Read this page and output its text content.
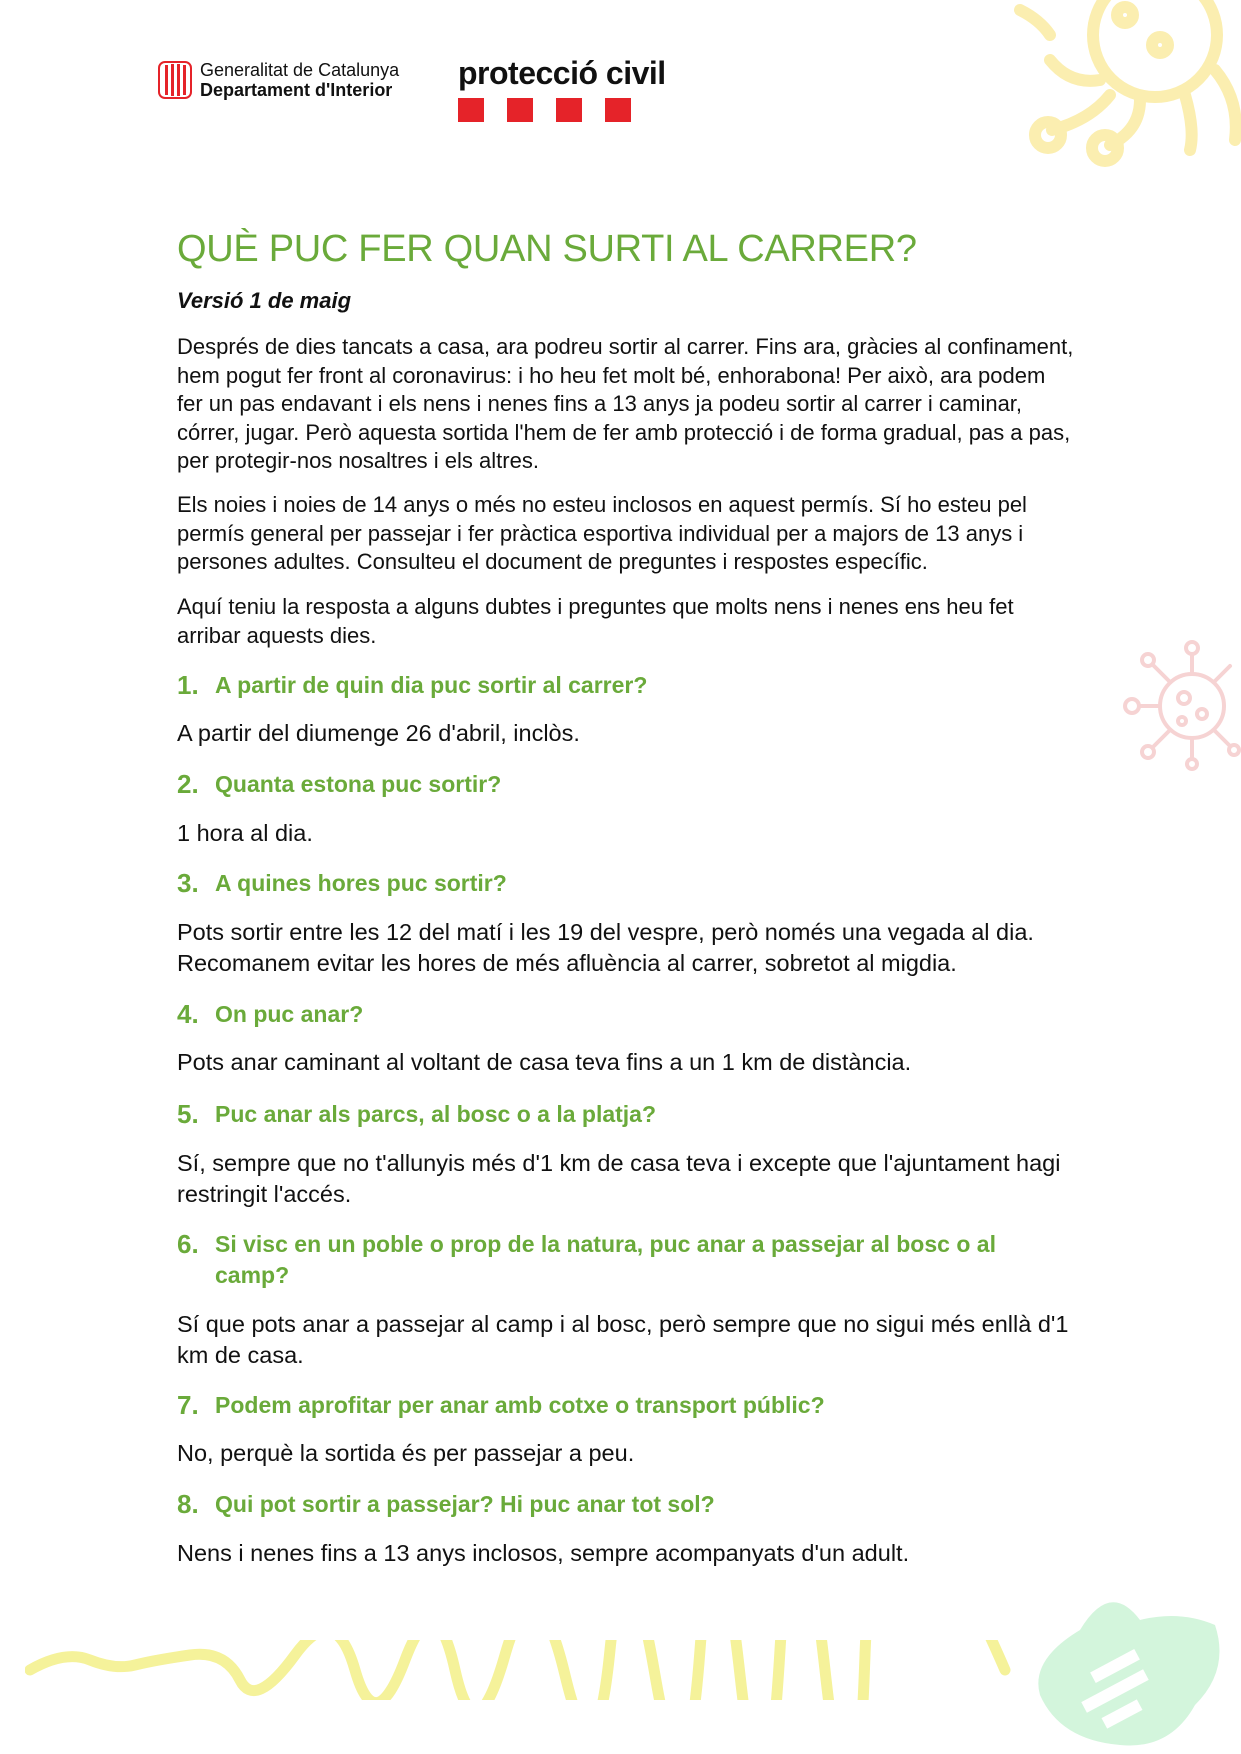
Generalitat de Catalunya
Departament d'Interior protecció civil
QUÈ PUC FER QUAN SURTI AL CARRER?
Versió 1 de maig
Després de dies tancats a casa, ara podreu sortir al carrer. Fins ara, gràcies al confinament, hem pogut fer front al coronavirus: i ho heu fet molt bé, enhorabona! Per això, ara podem fer un pas endavant i els nens i nenes fins a 13 anys ja podeu sortir al carrer i caminar, córrer, jugar. Però aquesta sortida l'hem de fer amb protecció i de forma gradual, pas a pas, per protegir-nos nosaltres i els altres.
Els noies i noies de 14 anys o més no esteu inclosos en aquest permís. Sí ho esteu pel permís general per passejar i fer pràctica esportiva individual per a majors de 13 anys i persones adultes. Consulteu el document de preguntes i respostes específic.
Aquí teniu la resposta a alguns dubtes i preguntes que molts nens i nenes ens heu fet arribar aquests dies.
1. A partir de quin dia puc sortir al carrer?
A partir del diumenge 26 d'abril, inclòs.
2. Quanta estona puc sortir?
1 hora al dia.
3. A quines hores puc sortir?
Pots sortir entre les 12 del matí i les 19 del vespre, però només una vegada al dia. Recomanem evitar les hores de més afluència al carrer, sobretot al migdia.
4. On puc anar?
Pots anar caminant al voltant de casa teva fins a un 1 km de distància.
5. Puc anar als parcs, al bosc o a la platja?
Sí, sempre que no t'allunyis més d'1 km de casa teva i excepte que l'ajuntament hagi restringit l'accés.
6. Si visc en un poble o prop de la natura, puc anar a passejar al bosc o al camp?
Sí que pots anar a passejar al camp i al bosc, però sempre que no sigui més enllà d'1 km de casa.
7. Podem aprofitar per anar amb cotxe o transport públic?
No, perquè la sortida és per passejar a peu.
8. Qui pot sortir a passejar? Hi puc anar tot sol?
Nens i nenes fins a 13 anys inclosos, sempre acompanyats d'un adult.
